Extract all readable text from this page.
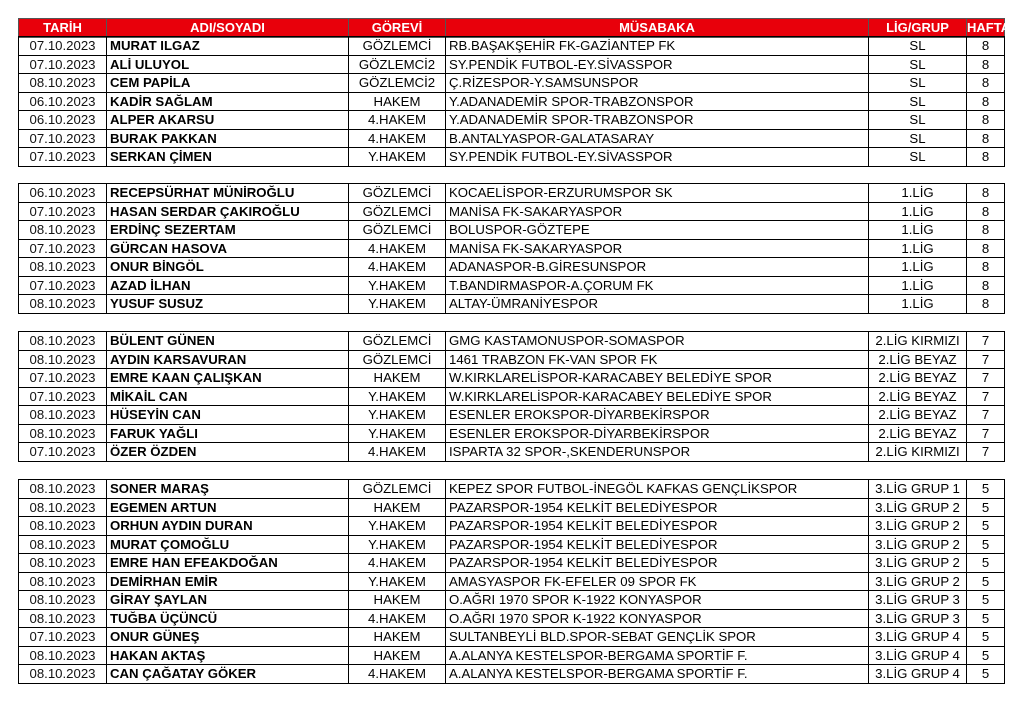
TARİH	ADI/SOYADI	GÖREVİ	MÜSABAKA	LİG/GRUP	HAFTA
07.10.2023	MURAT ILGAZ	GÖZLEMCİ	RB.BAŞAKŞEHİR FK-GAZİANTEP FK	SL	8
07.10.2023	ALİ ULUYOL	GÖZLEMCİ2	SY.PENDİK FUTBOL-EY.SİVASSPOR	SL	8
08.10.2023	CEM PAPİLA	GÖZLEMCİ2	Ç.RİZESPOR-Y.SAMSUNSPOR	SL	8
06.10.2023	KADİR SAĞLAM	HAKEM	Y.ADANADEMİR SPOR-TRABZONSPOR	SL	8
06.10.2023	ALPER AKARSU	4.HAKEM	Y.ADANADEMİR SPOR-TRABZONSPOR	SL	8
07.10.2023	BURAK PAKKAN	4.HAKEM	B.ANTALYASPOR-GALATASARAY	SL	8
07.10.2023	SERKAN ÇİMEN	Y.HAKEM	SY.PENDİK FUTBOL-EY.SİVASSPOR	SL	8
06.10.2023	RECEPSÜRHAT MÜNİROĞLU	GÖZLEMCİ	KOCAELİSPOR-ERZURUMSPOR SK	1.LİG	8
07.10.2023	HASAN SERDAR ÇAKIROĞLU	GÖZLEMCİ	MANİSA FK-SAKARYASPOR	1.LİG	8
08.10.2023	ERDİNÇ SEZERTAM	GÖZLEMCİ	BOLUSPOR-GÖZTEPE	1.LİG	8
07.10.2023	GÜRCAN HASOVA	4.HAKEM	MANİSA FK-SAKARYASPOR	1.LİG	8
08.10.2023	ONUR BİNGÖL	4.HAKEM	ADANASPOR-B.GİRESUNSPOR	1.LİG	8
07.10.2023	AZAD İLHAN	Y.HAKEM	T.BANDIRMASPOR-A.ÇORUM FK	1.LİG	8
08.10.2023	YUSUF SUSUZ	Y.HAKEM	ALTAY-ÜMRANİYESPOR	1.LİG	8
08.10.2023	BÜLENT GÜNEN	GÖZLEMCİ	GMG KASTAMONUSPOR-SOMASPOR	2.LİG KIRMIZI	7
08.10.2023	AYDIN KARSAVURAN	GÖZLEMCİ	1461 TRABZON FK-VAN SPOR FK	2.LİG BEYAZ	7
07.10.2023	EMRE KAAN ÇALIŞKAN	HAKEM	W.KIRKLARELİSPOR-KARACABEY BELEDİYE SPOR	2.LİG BEYAZ	7
07.10.2023	MİKAİL CAN	Y.HAKEM	W.KIRKLARELİSPOR-KARACABEY BELEDİYE SPOR	2.LİG BEYAZ	7
08.10.2023	HÜSEYİN CAN	Y.HAKEM	ESENLER EROKSPOR-DİYARBEKİRSPOR	2.LİG BEYAZ	7
08.10.2023	FARUK YAĞLI	Y.HAKEM	ESENLER EROKSPOR-DİYARBEKİRSPOR	2.LİG BEYAZ	7
07.10.2023	ÖZER ÖZDEN	4.HAKEM	ISPARTA 32 SPOR-,SKENDERUNSPOR	2.LİG KIRMIZI	7
08.10.2023	SONER MARAŞ	GÖZLEMCİ	KEPEZ SPOR FUTBOL-İNEGÖL KAFKAS GENÇLİKSPOR	3.LİG GRUP 1	5
08.10.2023	EGEMEN ARTUN	HAKEM	PAZARSPOR-1954 KELKİT BELEDİYESPOR	3.LİG GRUP 2	5
08.10.2023	ORHUN AYDIN DURAN	Y.HAKEM	PAZARSPOR-1954 KELKİT BELEDİYESPOR	3.LİG GRUP 2	5
08.10.2023	MURAT ÇOMOĞLU	Y.HAKEM	PAZARSPOR-1954 KELKİT BELEDİYESPOR	3.LİG GRUP 2	5
08.10.2023	EMRE HAN EFEAKDOĞAN	4.HAKEM	PAZARSPOR-1954 KELKİT BELEDİYESPOR	3.LİG GRUP 2	5
08.10.2023	DEMİRHAN EMİR	Y.HAKEM	AMASYASPOR FK-EFELER 09 SPOR FK	3.LİG GRUP 2	5
08.10.2023	GİRAY ŞAYLAN	HAKEM	O.AĞRI 1970 SPOR K-1922 KONYASPOR	3.LİG GRUP 3	5
08.10.2023	TUĞBA ÜÇÜNCÜ	4.HAKEM	O.AĞRI 1970 SPOR K-1922 KONYASPOR	3.LİG GRUP 3	5
07.10.2023	ONUR GÜNEŞ	HAKEM	SULTANBEYLİ BLD.SPOR-SEBAT GENÇLİK SPOR	3.LİG GRUP 4	5
08.10.2023	HAKAN AKTAŞ	HAKEM	A.ALANYA KESTELSPOR-BERGAMA SPORTİF F.	3.LİG GRUP 4	5
08.10.2023	CAN ÇAĞATAY GÖKER	4.HAKEM	A.ALANYA KESTELSPOR-BERGAMA SPORTİF F.	3.LİG GRUP 4	5
